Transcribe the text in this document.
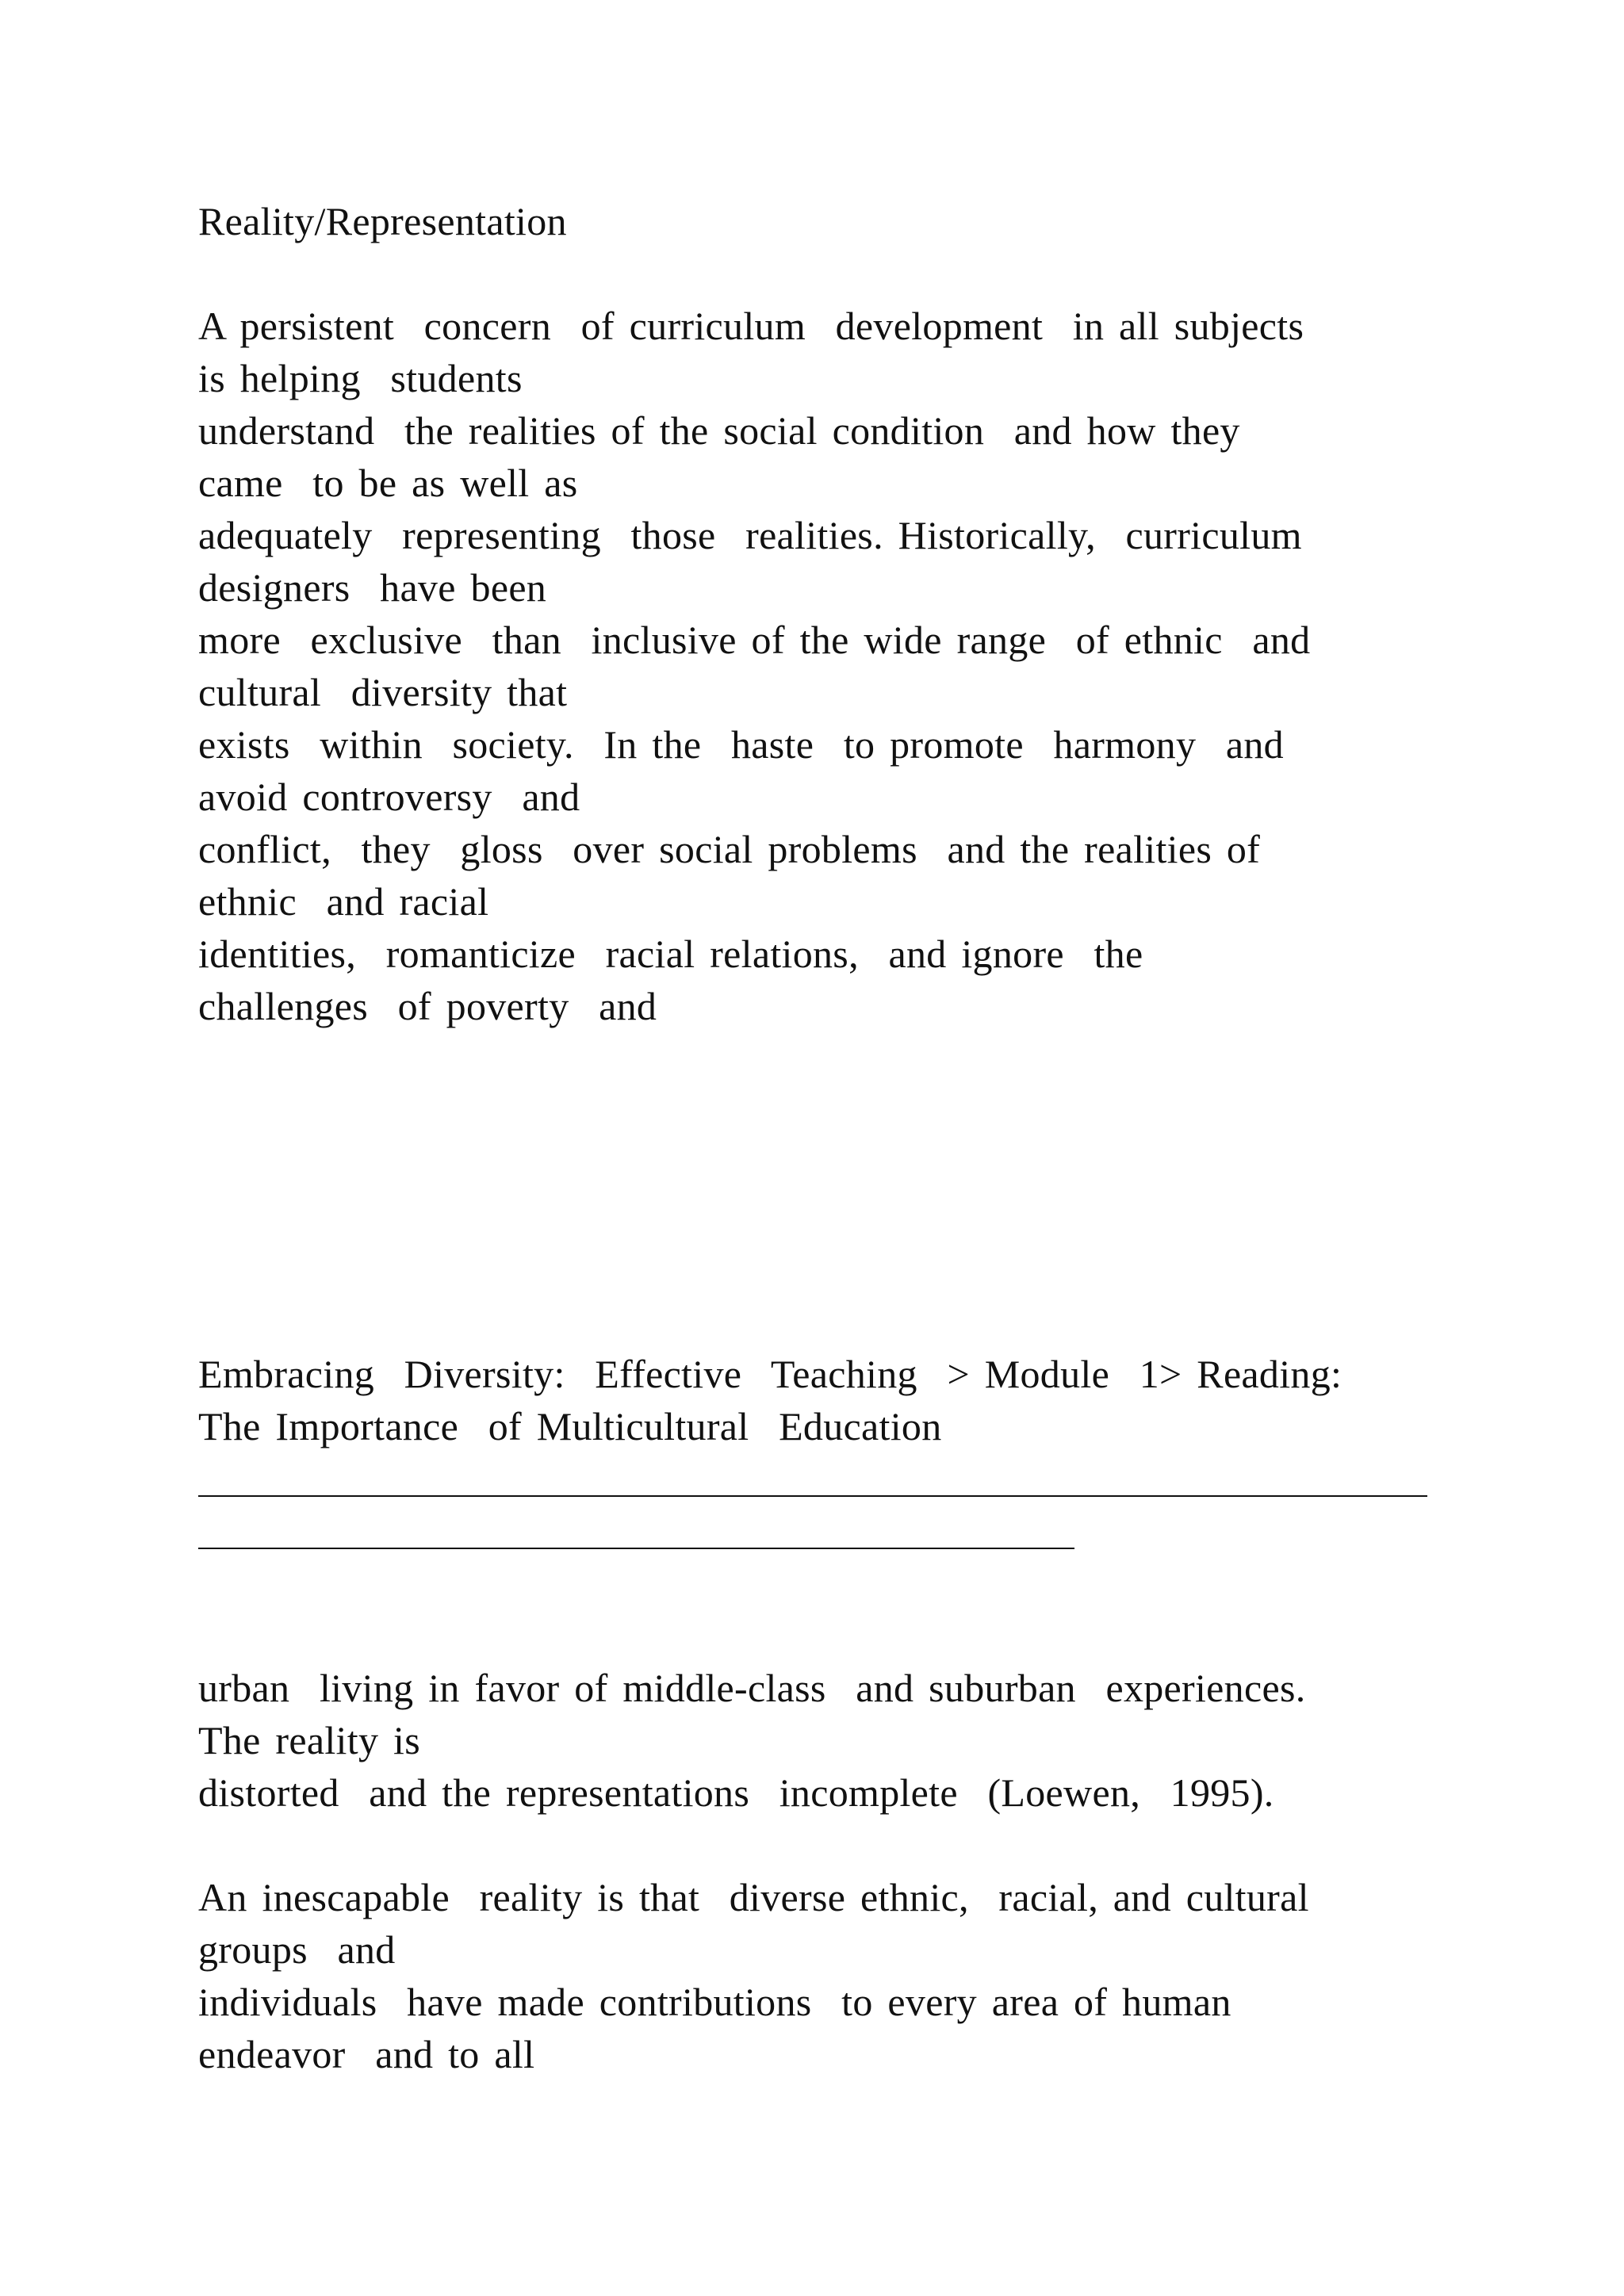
Reality/Representation
A persistent  concern  of curriculum  development  in all subjects
is helping  students
understand  the realities of the social condition  and how they
came  to be as well as
adequately  representing  those  realities. Historically,  curriculum
designers  have been
more  exclusive  than  inclusive of the wide range  of ethnic  and
cultural  diversity that
exists  within  society.  In the  haste  to promote  harmony  and
avoid controversy  and
conflict,  they  gloss  over social problems  and the realities of
ethnic  and racial
identities,  romanticize  racial relations,  and ignore  the
challenges  of poverty  and
Embracing  Diversity:  Effective  Teaching  > Module  1> Reading:
The Importance  of Multicultural  Education
urban  living in favor of middle-class  and suburban  experiences.
The reality is
distorted  and the representations  incomplete  (Loewen,  1995).
An inescapable  reality is that  diverse ethnic,  racial, and cultural
groups  and
individuals  have made contributions  to every area of human
endeavor  and to all
